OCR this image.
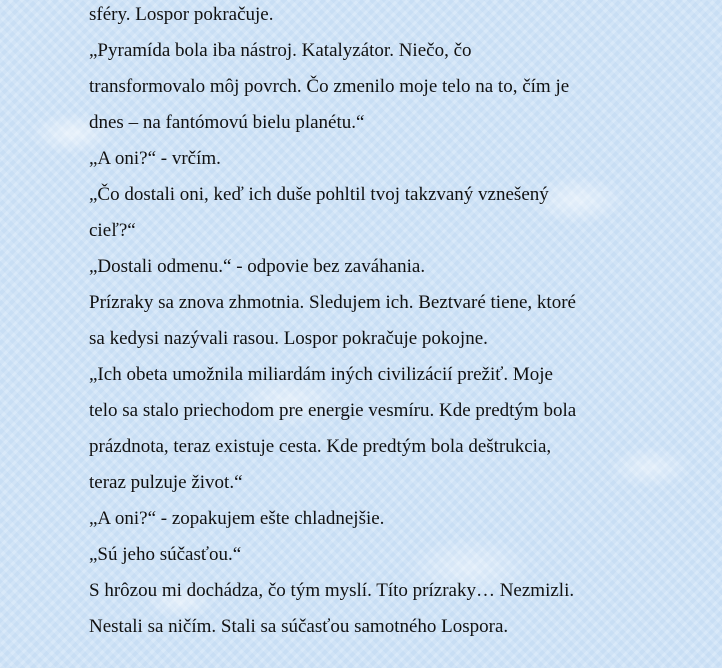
sféry. Lospor pokračuje.
„Pyramída bola iba nástroj. Katalyzátor. Niečo, čo
transformovalo môj povrch. Čo zmenilo moje telo na to, čím je
dnes – na fantómovú bielu planétu.“
„A oni?“ - vrčím.
„Čo dostali oni, keď ich duše pohltil tvoj takzvaný vznešený
cieľ?“
„Dostali odmenu.“ - odpovie bez zaváhania.
Prízraky sa znova zhmotnia. Sledujem ich. Beztvaré tiene, ktoré
sa kedysi nazývali rasou. Lospor pokračuje pokojne.
„Ich obeta umožnila miliardám iných civilizácií prežiť. Moje
telo sa stalo priechodom pre energie vesmíru. Kde predtým bola
prázdnota, teraz existuje cesta. Kde predtým bola deštrukcia,
teraz pulzuje život.“
„A oni?“ - zopakujem ešte chladnejšie.
„Sú jeho súčasťou.“
S hrôzou mi dochádza, čo tým myslí. Títo prízraky… Nezmizli.
Nestali sa ničím. Stali sa súčasťou samotného Lospora.
